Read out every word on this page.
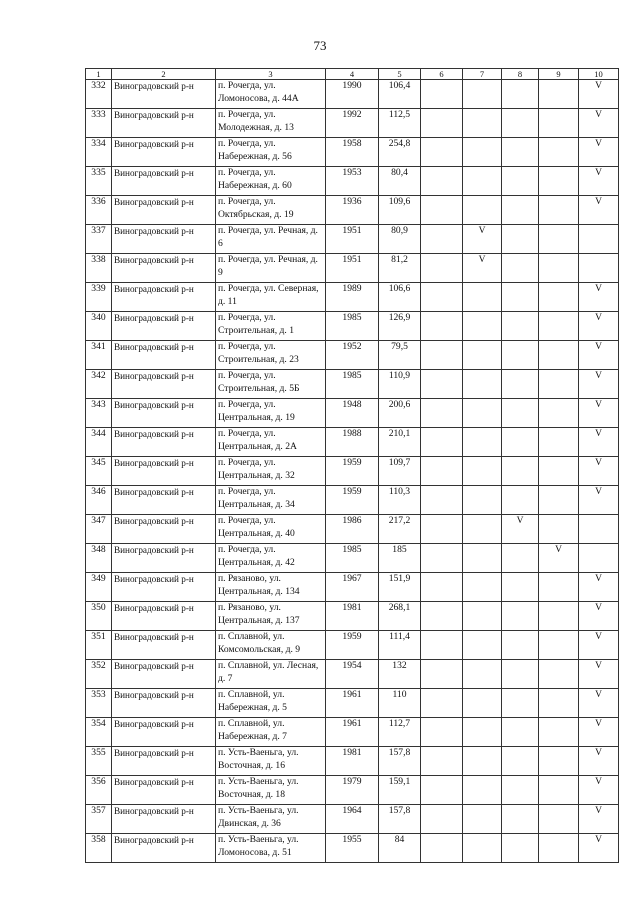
73
1	2	3	4	5	6	7	8	9	10
332	Виноградовский р-н	п. Рочегда, ул. Ломоносова, д. 44А	1990	106,4					V
333	Виноградовский р-н	п. Рочегда, ул. Молодежная, д. 13	1992	112,5					V
334	Виноградовский р-н	п. Рочегда, ул. Набережная, д. 56	1958	254,8					V
335	Виноградовский р-н	п. Рочегда, ул. Набережная, д. 60	1953	80,4					V
336	Виноградовский р-н	п. Рочегда, ул. Октябрьская, д. 19	1936	109,6					V
337	Виноградовский р-н	п. Рочегда, ул. Речная, д. 6	1951	80,9		V			
338	Виноградовский р-н	п. Рочегда, ул. Речная, д. 9	1951	81,2		V			
339	Виноградовский р-н	п. Рочегда, ул. Северная, д. 11	1989	106,6					V
340	Виноградовский р-н	п. Рочегда, ул. Строительная, д. 1	1985	126,9					V
341	Виноградовский р-н	п. Рочегда, ул. Строительная, д. 23	1952	79,5					V
342	Виноградовский р-н	п. Рочегда, ул. Строительная, д. 5Б	1985	110,9					V
343	Виноградовский р-н	п. Рочегда, ул. Центральная, д. 19	1948	200,6					V
344	Виноградовский р-н	п. Рочегда, ул. Центральная, д. 2А	1988	210,1					V
345	Виноградовский р-н	п. Рочегда, ул. Центральная, д. 32	1959	109,7					V
346	Виноградовский р-н	п. Рочегда, ул. Центральная, д. 34	1959	110,3					V
347	Виноградовский р-н	п. Рочегда, ул. Центральная, д. 40	1986	217,2			V		
348	Виноградовский р-н	п. Рочегда, ул. Центральная, д. 42	1985	185				V	
349	Виноградовский р-н	п. Рязаново, ул. Центральная, д. 134	1967	151,9					V
350	Виноградовский р-н	п. Рязаново, ул. Центральная, д. 137	1981	268,1					V
351	Виноградовский р-н	п. Сплавной, ул. Комсомольская, д. 9	1959	111,4					V
352	Виноградовский р-н	п. Сплавной, ул. Лесная, д. 7	1954	132					V
353	Виноградовский р-н	п. Сплавной, ул. Набережная, д. 5	1961	110					V
354	Виноградовский р-н	п. Сплавной, ул. Набережная, д. 7	1961	112,7					V
355	Виноградовский р-н	п. Усть-Ваеньга, ул. Восточная, д. 16	1981	157,8					V
356	Виноградовский р-н	п. Усть-Ваеньга, ул. Восточная, д. 18	1979	159,1					V
357	Виноградовский р-н	п. Усть-Ваеньга, ул. Двинская, д. 36	1964	157,8					V
358	Виноградовский р-н	п. Усть-Ваеньга, ул. Ломоносова, д. 51	1955	84					V
